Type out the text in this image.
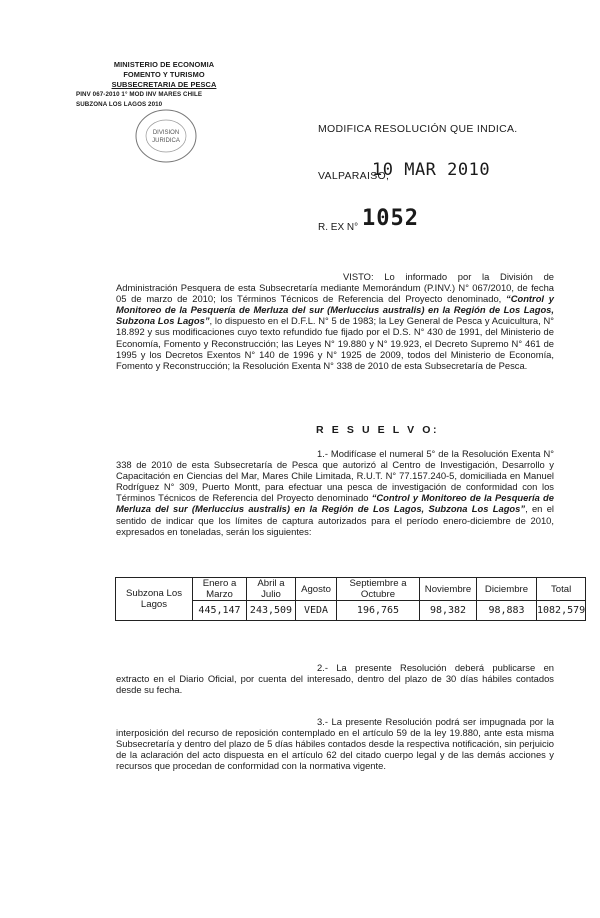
MINISTERIO DE ECONOMIA
FOMENTO Y TURISMO
SUBSECRETARIA DE PESCA
PINV 067-2010 1° MOD INV MARES CHILE
SUBZONA LOS LAGOS 2010
DIVISION
JURIDICA
MODIFICA RESOLUCIÓN QUE INDICA.
VALPARAISO,
10 MAR 2010
R. EX N° 1052
VISTO: Lo informado por la División de Administración Pesquera de esta Subsecretaría mediante Memorándum (P.INV.) N° 067/2010, de fecha 05 de marzo de 2010; los Términos Técnicos de Referencia del Proyecto denominado, “Control y Monitoreo de la Pesquería de Merluza del sur (Merluccius australis) en la Región de Los Lagos, Subzona Los Lagos”, lo dispuesto en el D.F.L. N° 5 de 1983; la Ley General de Pesca y Acuicultura, N° 18.892 y sus modificaciones cuyo texto refundido fue fijado por el D.S. N° 430 de 1991, del Ministerio de Economía, Fomento y Reconstrucción; las Leyes N° 19.880 y N° 19.923, el Decreto Supremo N° 461 de 1995 y los Decretos Exentos N° 140 de 1996 y N° 1925 de 2009, todos del Ministerio de Economía, Fomento y Reconstrucción; la Resolución Exenta N° 338 de 2010 de esta Subsecretaría de Pesca.
R E S U E L V O:
1.- Modifícase el numeral 5° de la Resolución Exenta N° 338 de 2010 de esta Subsecretaría de Pesca que autorizó al Centro de Investigación, Desarrollo y Capacitación en Ciencias del Mar, Mares Chile Limitada, R.U.T. N° 77.157.240-5, domiciliada en Manuel Rodríguez N° 309, Puerto Montt, para efectuar una pesca de investigación de conformidad con los Términos Técnicos de Referencia del Proyecto denominado “Control y Monitoreo de la Pesquería de Merluza del sur (Merluccius australis) en la Región de Los Lagos, Subzona Los Lagos”, en el sentido de indicar que los límites de captura autorizados para el período enero-diciembre de 2010, expresados en toneladas, serán los siguientes:
Subzona Los Lagos	Enero a Marzo	Abril a Julio	Agosto	Septiembre a Octubre	Noviembre	Diciembre	Total
	445,147	243,509	VEDA	196,765	98,382	98,883	1082,579
2.- La presente Resolución deberá publicarse en extracto en el Diario Oficial, por cuenta del interesado, dentro del plazo de 30 días hábiles contados desde su fecha.
3.- La presente Resolución podrá ser impugnada por la interposición del recurso de reposición contemplado en el artículo 59 de la ley 19.880, ante esta misma Subsecretaría y dentro del plazo de 5 días hábiles contados desde la respectiva notificación, sin perjuicio de la aclaración del acto dispuesta en el artículo 62 del citado cuerpo legal y de las demás acciones y recursos que procedan de conformidad con la normativa vigente.
